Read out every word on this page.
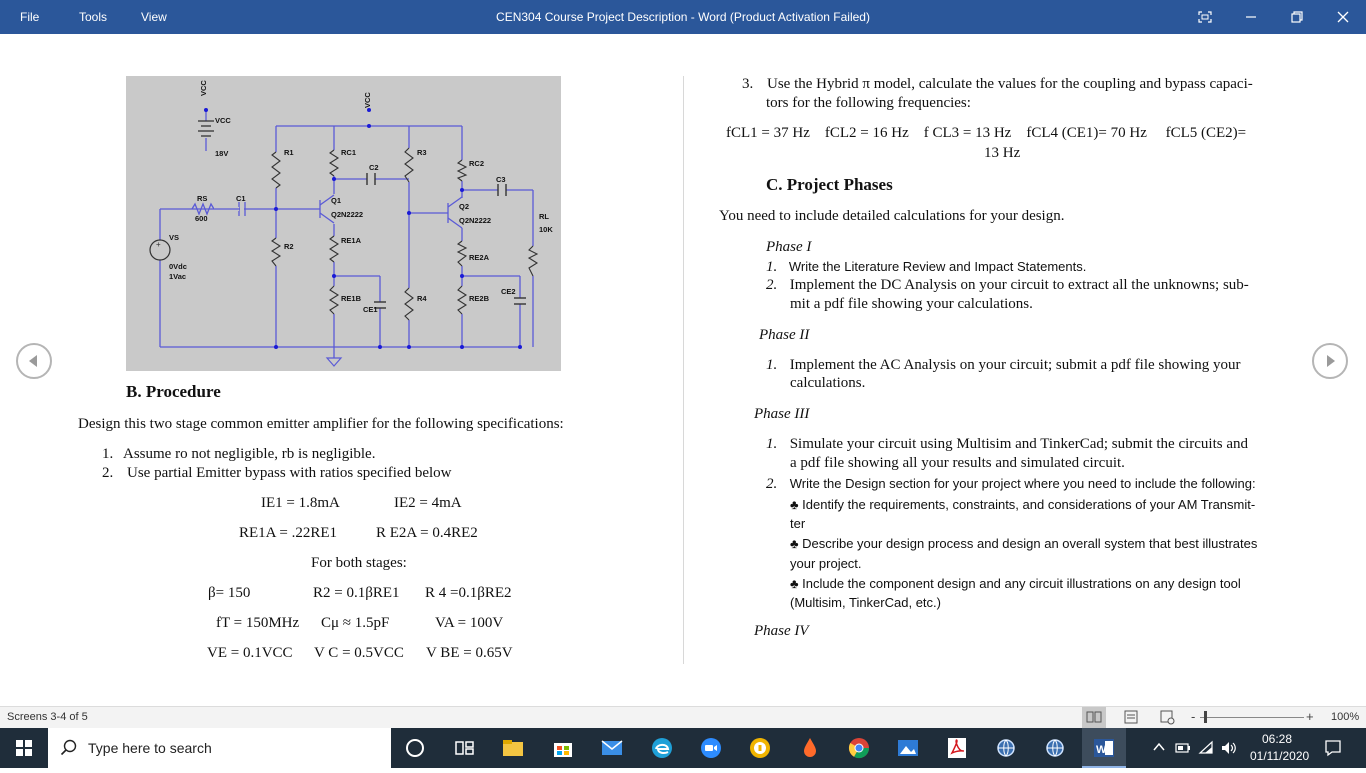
File	Tools	View	CEN304 Course Project Description - Word (Product Activation Failed)
+
VCC
VCC
VCC
18V
RS
600
C1
VS
0Vdc
1Vac
R1
R2
RC1
C2
Q1
Q2N2222
RE1A
RE1B
CE1
R3
R4
RC2
C3
Q2
Q2N2222	RL
10K
RE2A
RE2B
CE2
B. Procedure
Design this two stage common emitter amplifier for the following specifications:
1. Assume ro not negligible, rb is negligible.
2. Use partial Emitter bypass with ratios specified below
IE1 = 1.8mA	IE2 = 4mA
RE1A = .22RE1	R E2A = 0.4RE2
For both stages:
β= 150	R2 = 0.1βRE1 R 4 =0.1βRE2
fT = 150MHz Cμ ≈ 1.5pF	VA = 100V
VE = 0.1VCC V C = 0.5VCC V BE = 0.65V
3. Use the Hybrid π model, calculate the values for the coupling and bypass capaci-
tors for the following frequencies:
fCL1 = 37 Hz    fCL2 = 16 Hz    f CL3 = 13 Hz    fCL4 (CE1)= 70 Hz     fCL5 (CE2)=
13 Hz
C. Project Phases
You need to include detailed calculations for your design.
Phase I
1. Write the Literature Review and Impact Statements.
2. Implement the DC Analysis on your circuit to extract all the unknowns; sub-
mit a pdf file showing your calculations.
Phase II
1. Implement the AC Analysis on your circuit; submit a pdf file showing your
calculations.
Phase III
1. Simulate your circuit using Multisim and TinkerCad; submit the circuits and
a pdf file showing all your results and simulated circuit.
2. Write the Design section for your project where you need to include the following:
♣ Identify the requirements, constraints, and considerations of your AM Transmit-
ter
♣ Describe your design process and design an overall system that best illustrates
your project.
♣ Include the component design and any circuit illustrations on any design tool
(Multisim, TinkerCad, etc.)
Phase IV
Screens 3-4 of 5	-	+ 100%
Type here to search	W
06:28
01/11/2020
